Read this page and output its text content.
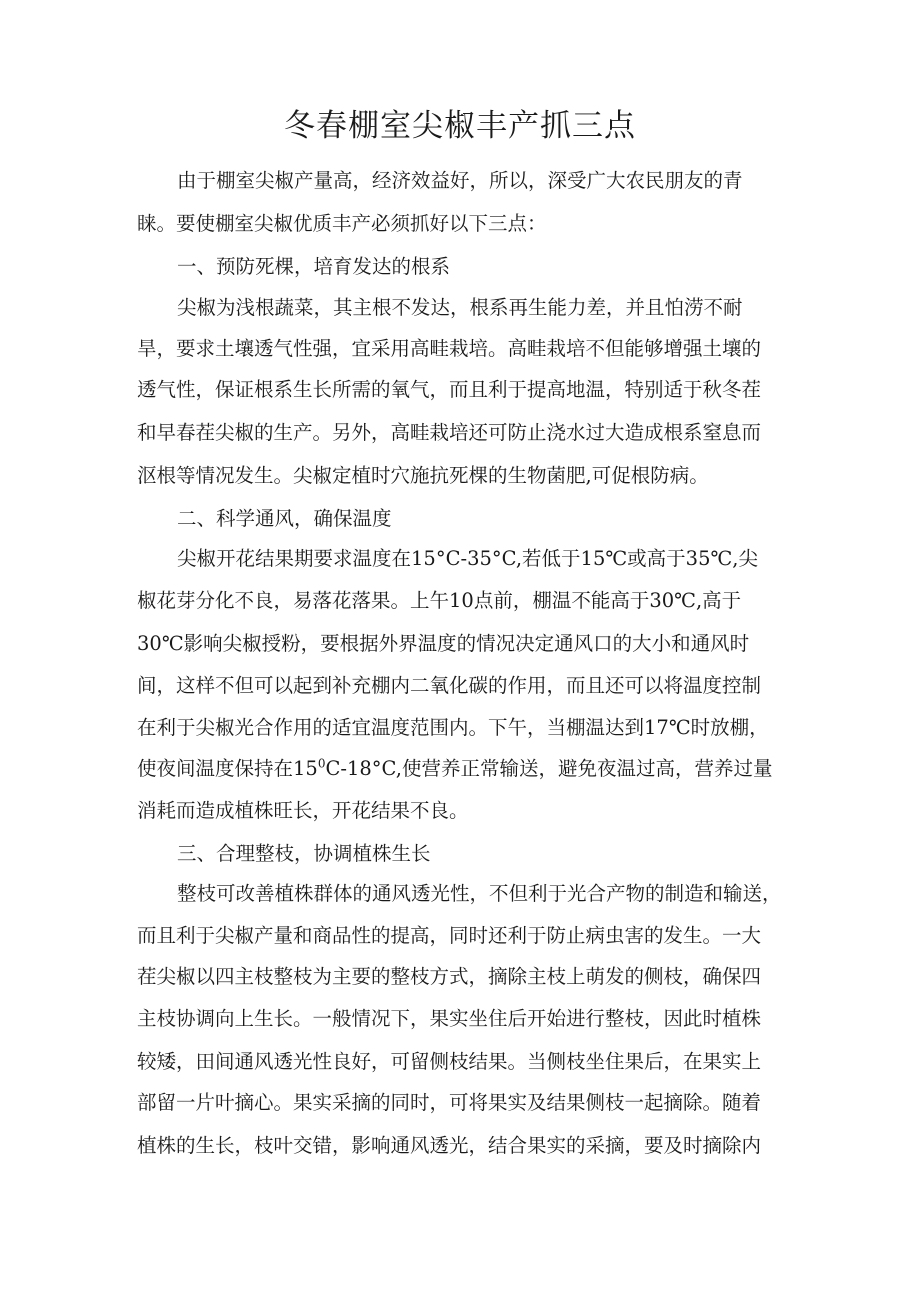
冬春棚室尖椒丰产抓三点

由于棚室尖椒产量高，经济效益好，所以，深受广大农民朋友的青

睐。要使棚室尖椒优质丰产必须抓好以下三点：

一、预防死棵，培育发达的根系

尖椒为浅根蔬菜，其主根不发达，根系再生能力差，并且怕涝不耐

旱，要求土壤透气性强，宜采用高畦栽培。高畦栽培不但能够增强土壤的

透气性，保证根系生长所需的氧气，而且利于提高地温，特别适于秋冬茬

和早春茬尖椒的生产。另外，高畦栽培还可防止浇水过大造成根系窒息而

沤根等情况发生。尖椒定植时穴施抗死棵的生物菌肥,可促根防病。

二、科学通风，确保温度

尖椒开花结果期要求温度在15°C-35°C,若低于15℃或高于35℃,尖

椒花芽分化不良，易落花落果。上午10点前，棚温不能高于30℃,高于

30℃影响尖椒授粉，要根据外界温度的情况决定通风口的大小和通风时

间，这样不但可以起到补充棚内二氧化碳的作用，而且还可以将温度控制

在利于尖椒光合作用的适宜温度范围内。下午，当棚温达到17℃时放棚，

使夜间温度保持在$15^0C-18^\circ C$,使营养正常输送，避免夜温过高，营养过量

消耗而造成植株旺长，开花结果不良。

三、合理整枝，协调植株生长

整枝可改善植株群体的通风透光性，不但利于光合产物的制造和输送，

而且利于尖椒产量和商品性的提高，同时还利于防止病虫害的发生。一大

茬尖椒以四主枝整枝为主要的整枝方式，摘除主枝上萌发的侧枝，确保四

主枝协调向上生长。一般情况下，果实坐住后开始进行整枝，因此时植株

较矮，田间通风透光性良好，可留侧枝结果。当侧枝坐住果后，在果实上

部留一片叶摘心。果实采摘的同时，可将果实及结果侧枝一起摘除。随着

植株的生长，枝叶交错，影响通风透光，结合果实的采摘，要及时摘除内
